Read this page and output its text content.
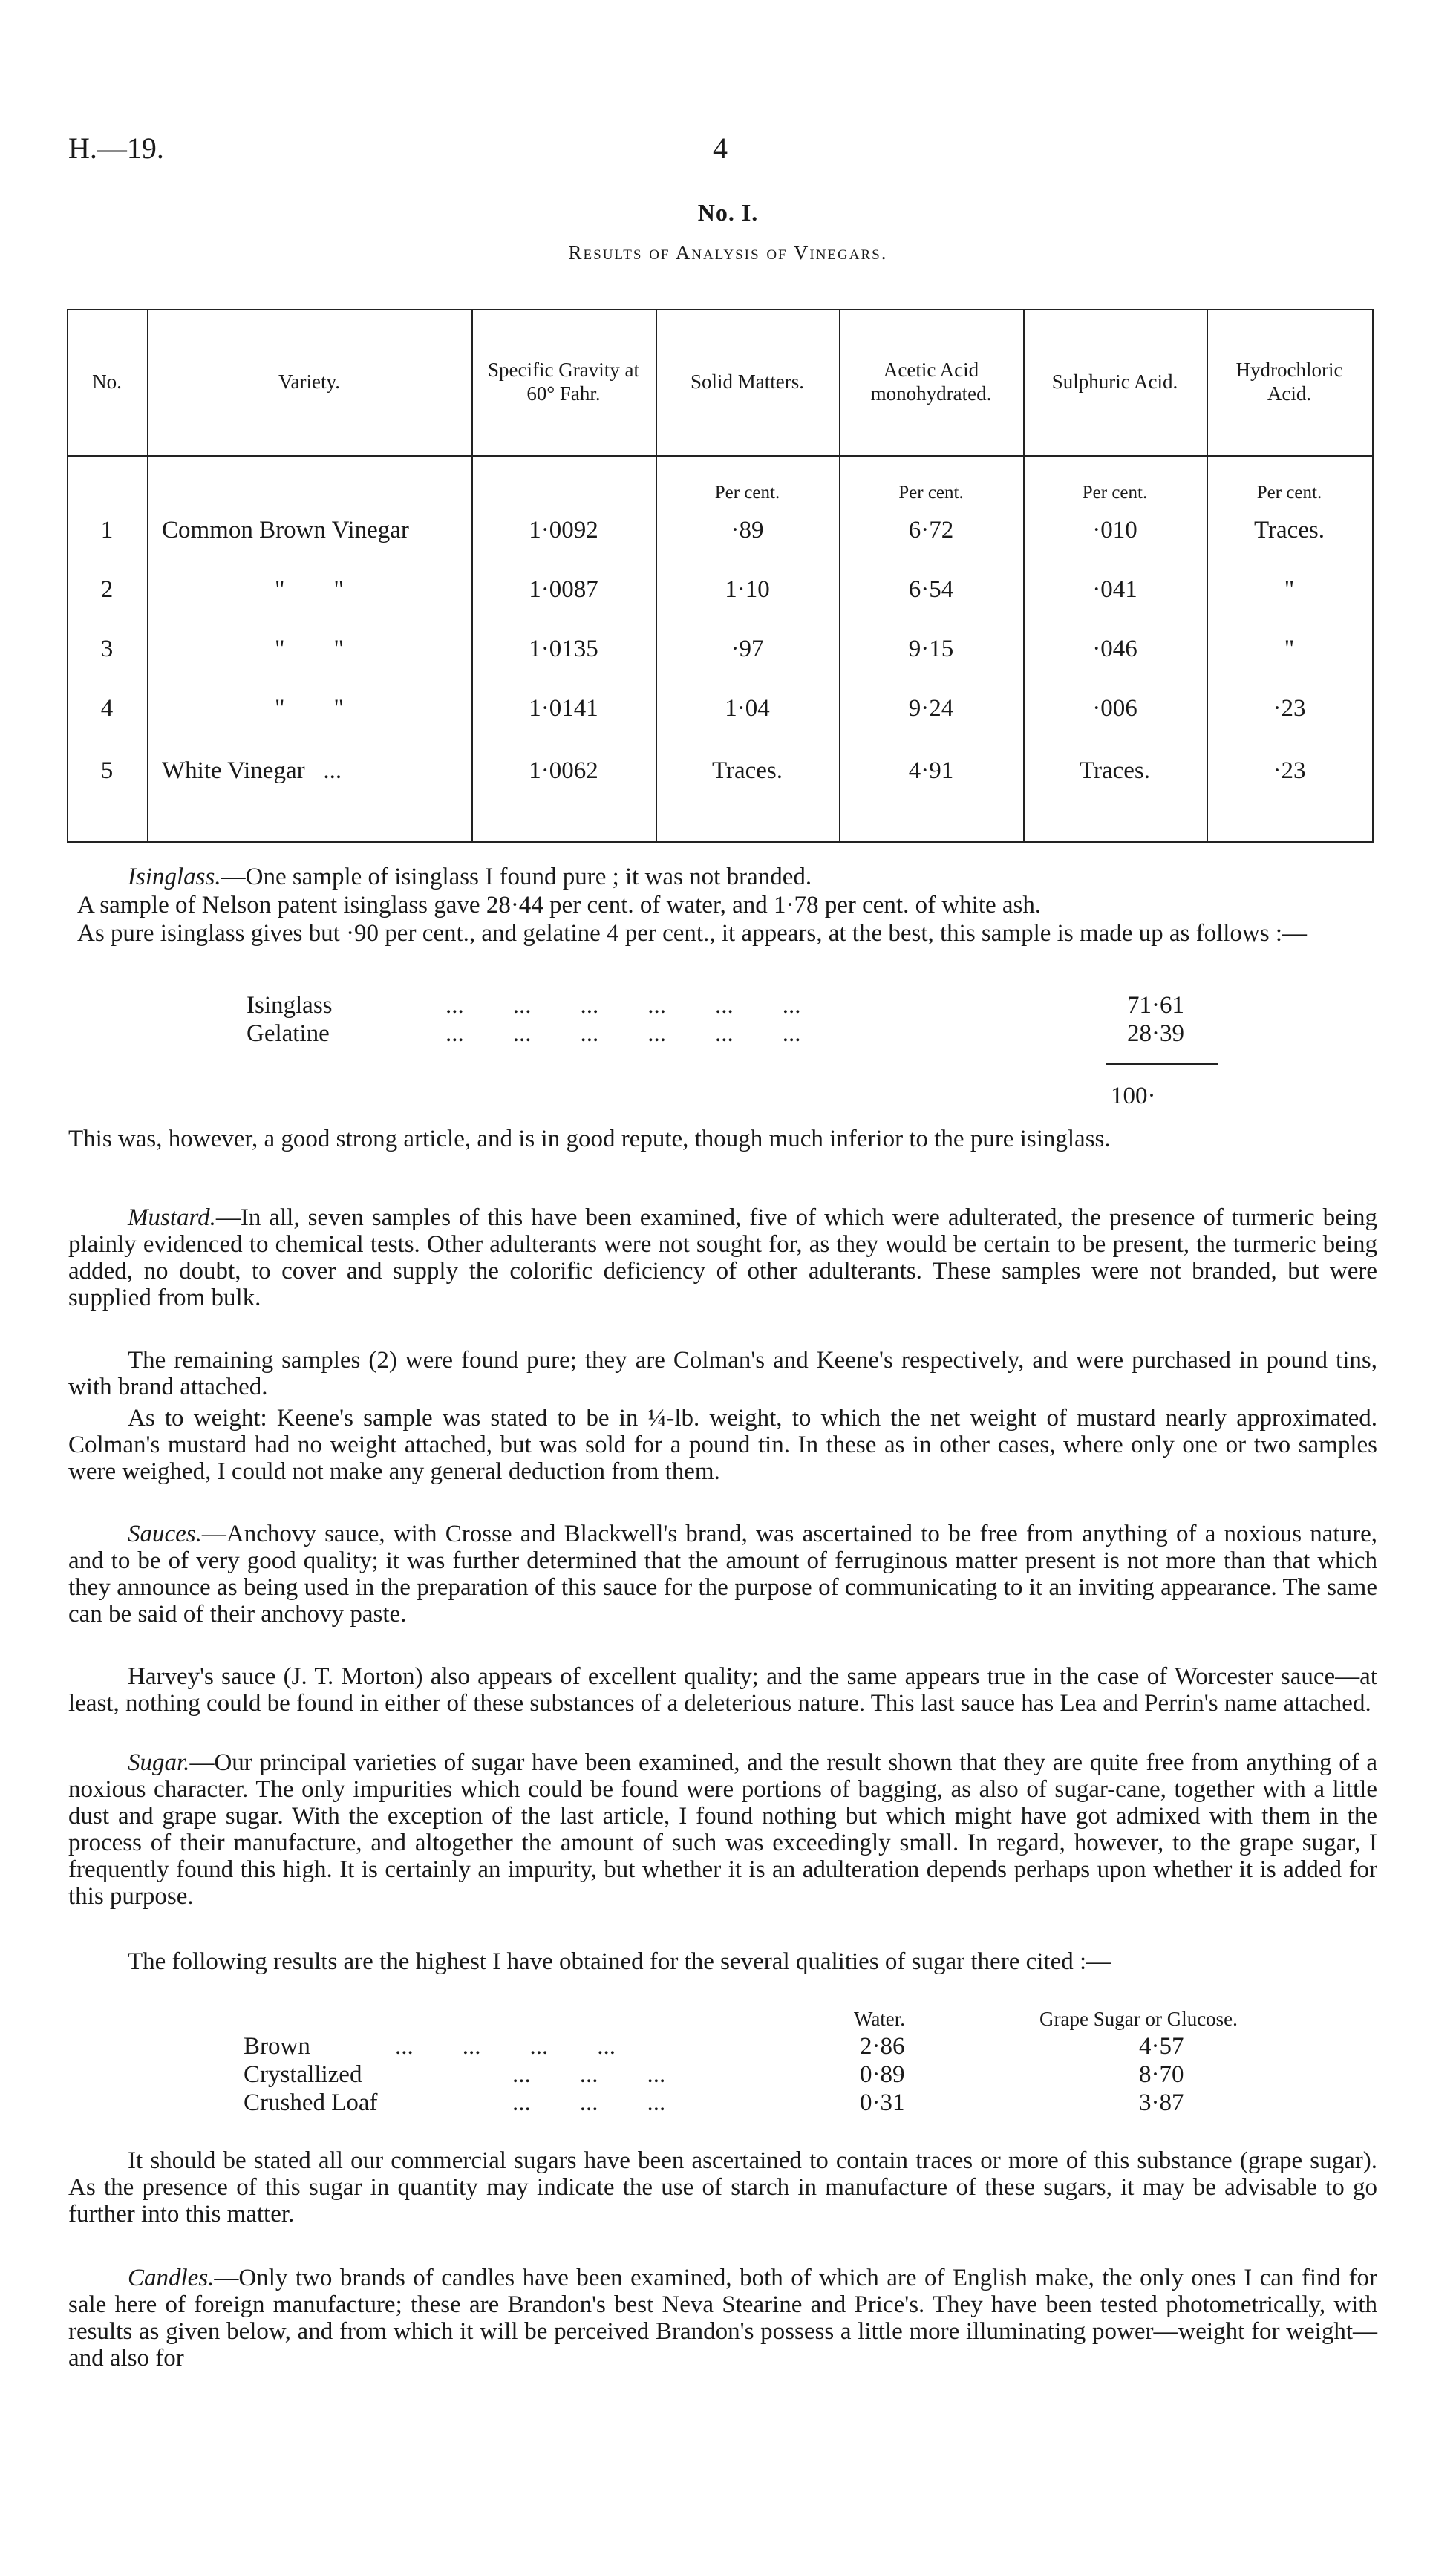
H.—19.	4
No. I.
Results of Analysis of Vinegars.
No.	Variety.
Specific Gravity at 60° Fahr.
Solid Matters.
Acetic Acid monohydrated.
Sulphuric Acid.
Hydrochloric Acid.
Per cent.	Per cent.	Per cent.	Per cent.
1	Common Brown Vinegar	1·0092	·89	6·72	·010	Traces.
2	"        "	1·0087	1·10	6·54	·041	"
3	"        "	1·0135	·97	9·15	·046	"
4	"        "	1·0141	1·04	9·24	·006	·23
5	White Vinegar   ...	1·0062	Traces.	4·91	Traces.	·23
Isinglass.—One sample of isinglass I found pure ; it was not branded.
A sample of Nelson patent isinglass gave 28·44 per cent. of water, and 1·78 per cent. of white ash.
As pure isinglass gives but ·90 per cent., and gelatine 4 per cent., it appears, at the best, this sample is made up as follows :—
Isinglass	...        ...        ...        ...        ...        ...	71·61
Gelatine	...        ...        ...        ...        ...        ...	28·39
100·
This was, however, a good strong article, and is in good repute, though much inferior to the pure isinglass.
Mustard.—In all, seven samples of this have been examined, five of which were adulterated, the presence of turmeric being plainly evidenced to chemical tests. Other adulterants were not sought for, as they would be certain to be present, the turmeric being added, no doubt, to cover and supply the colorific deficiency of other adulterants. These samples were not branded, but were supplied from bulk.
The remaining samples (2) were found pure; they are Colman's and Keene's respectively, and were purchased in pound tins, with brand attached.
As to weight: Keene's sample was stated to be in ¼-lb. weight, to which the net weight of mustard nearly approximated. Colman's mustard had no weight attached, but was sold for a pound tin. In these as in other cases, where only one or two samples were weighed, I could not make any general deduction from them.
Sauces.—Anchovy sauce, with Crosse and Blackwell's brand, was ascertained to be free from anything of a noxious nature, and to be of very good quality; it was further determined that the amount of ferruginous matter present is not more than that which they announce as being used in the preparation of this sauce for the purpose of communicating to it an inviting appearance. The same can be said of their anchovy paste.
Harvey's sauce (J. T. Morton) also appears of excellent quality; and the same appears true in the case of Worcester sauce—at least, nothing could be found in either of these substances of a deleterious nature. This last sauce has Lea and Perrin's name attached.
Sugar.—Our principal varieties of sugar have been examined, and the result shown that they are quite free from anything of a noxious character. The only impurities which could be found were portions of bagging, as also of sugar-cane, together with a little dust and grape sugar. With the exception of the last article, I found nothing but which might have got admixed with them in the process of their manufacture, and altogether the amount of such was exceedingly small. In regard, however, to the grape sugar, I frequently found this high. It is certainly an impurity, but whether it is an adulteration depends perhaps upon whether it is added for this purpose.
The following results are the highest I have obtained for the several qualities of sugar there cited :—
Water.	Grape Sugar or Glucose.
Brown	...        ...        ...        ...	2·86	4·57
Crystallized	...        ...        ...	0·89	8·70
Crushed Loaf	...        ...        ...	0·31	3·87
It should be stated all our commercial sugars have been ascertained to contain traces or more of this substance (grape sugar). As the presence of this sugar in quantity may indicate the use of starch in manufacture of these sugars, it may be advisable to go further into this matter.
Candles.—Only two brands of candles have been examined, both of which are of English make, the only ones I can find for sale here of foreign manufacture; these are Brandon's best Neva Stearine and Price's. They have been tested photometrically, with results as given below, and from which it will be perceived Brandon's possess a little more illuminating power—weight for weight—and also for
